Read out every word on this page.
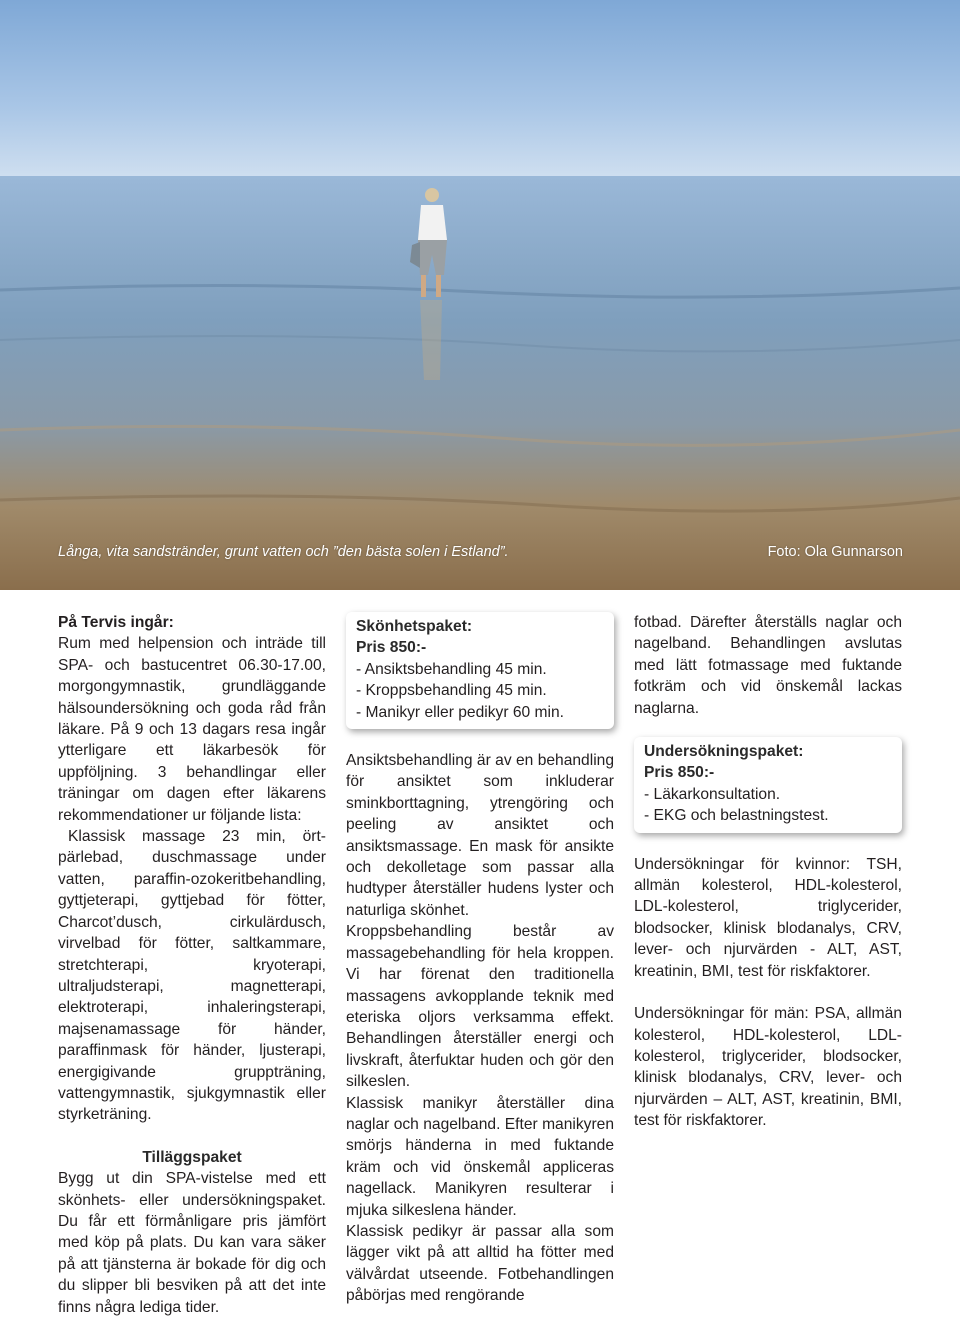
Långa, vita sandstränder, grunt vatten och ”den bästa solen i Estland”.	Foto: Ola Gunnarson

På Tervis ingår:

Rum med helpension och inträde till SPA- och bastucentret 06.30-17.00, morgongymnastik, grundläggande hälsoundersökning och goda råd från läkare. På 9 och 13 dagars resa ingår ytterligare ett läkarbesök för uppföljning. 3 behandlingar eller träningar om dagen efter läkarens rekommendationer ur följande lista:

Klassisk massage 23 min, ört-pärlebad, duschmassage under vatten, paraffin-ozokeritbehandling, gyttjeterapi, gyttjebad för fötter, Charcot’dusch, cirkulärdusch, virvelbad för fötter, saltkammare, stretchterapi, kryoterapi, ultraljudsterapi, magnetterapi, elektroterapi, inhaleringsterapi, majsenamassage för händer, paraffinmask för händer, ljusterapi, energigivande gruppträning, vattengymnastik, sjukgymnastik eller styrketräning.

Tilläggspaket

Bygg ut din SPA-vistelse med ett skönhets- eller undersökningspaket. Du får ett förmånligare pris jämfört med köp på plats. Du kan vara säker på att tjänsterna är bokade för dig och du slipper bli besviken på att det inte finns några lediga tider.

Skönhetspaket:
Pris 850:-
- Ansiktsbehandling 45 min.
- Kroppsbehandling 45 min.
- Manikyr eller pedikyr 60 min.

Ansiktsbehandling är av en behandling för ansiktet som inkluderar sminkborttagning, ytrengöring och peeling av ansiktet och ansiktsmassage. En mask för ansikte och dekolletage som passar alla hudtyper återställer hudens lyster och naturliga skönhet.

Kroppsbehandling består av massagebehandling för hela kroppen. Vi har förenat den traditionella massagens avkopplande teknik med eteriska oljors verksamma effekt. Behandlingen återställer energi och livskraft, återfuktar huden och gör den silkeslen.

Klassisk manikyr återställer dina naglar och nagelband. Efter manikyren smörjs händerna in med fuktande kräm och vid önskemål appliceras nagellack. Manikyren resulterar i mjuka silkeslena händer.

Klassisk pedikyr är passar alla som lägger vikt på att alltid ha fötter med välvårdat utseende. Fotbehandlingen påbörjas med rengörande

fotbad. Därefter återställs naglar och nagelband. Behandlingen avslutas med lätt fotmassage med fuktande fotkräm och vid önskemål lackas naglarna.

Undersökningspaket:
Pris 850:-
- Läkarkonsultation.
- EKG och belastningstest.

Undersökningar för kvinnor: TSH, allmän kolesterol, HDL-kolesterol, LDL-kolesterol, triglycerider, blodsocker, klinisk blodanalys, CRV, lever- och njurvärden - ALT, AST, kreatinin, BMI, test för riskfaktorer.

Undersökningar för män: PSA, allmän kolesterol, HDL-kolesterol, LDL-kolesterol, triglycerider, blodsocker, klinisk blodanalys, CRV, lever- och njurvärden – ALT, AST, kreatinin, BMI, test för riskfaktorer.
